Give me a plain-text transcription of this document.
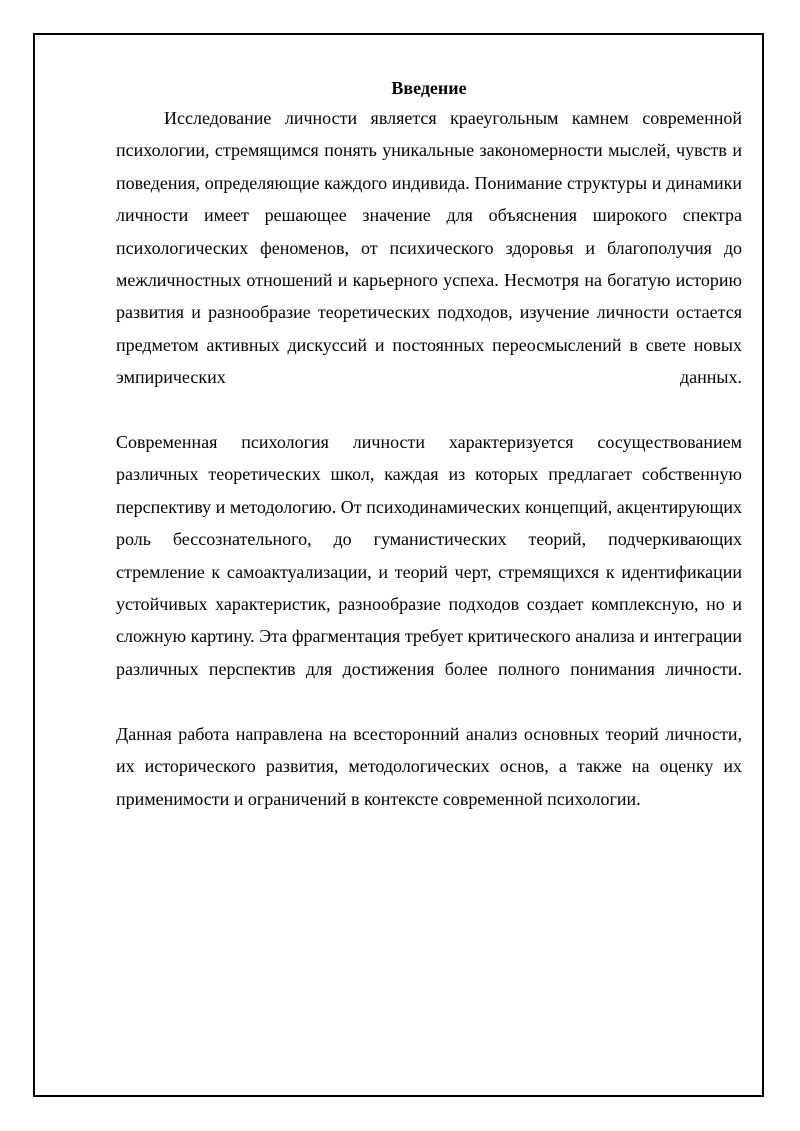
Введение

Исследование личности является краеугольным камнем современной психологии, стремящимся понять уникальные закономерности мыслей, чувств и поведения, определяющие каждого индивида. Понимание структуры и динамики личности имеет решающее значение для объяснения широкого спектра психологических феноменов, от психического здоровья и благополучия до межличностных отношений и карьерного успеха. Несмотря на богатую историю развития и разнообразие теоретических подходов, изучение личности остается предметом активных дискуссий и постоянных переосмыслений в свете новых эмпирических данных.

Современная психология личности характеризуется сосуществованием различных теоретических школ, каждая из которых предлагает собственную перспективу и методологию. От психодинамических концепций, акцентирующих роль бессознательного, до гуманистических теорий, подчеркивающих стремление к самоактуализации, и теорий черт, стремящихся к идентификации устойчивых характеристик, разнообразие подходов создает комплексную, но и сложную картину. Эта фрагментация требует критического анализа и интеграции различных перспектив для достижения более полного понимания личности.

Данная работа направлена на всесторонний анализ основных теорий личности, их исторического развития, методологических основ, а также на оценку их применимости и ограничений в контексте современной психологии.
